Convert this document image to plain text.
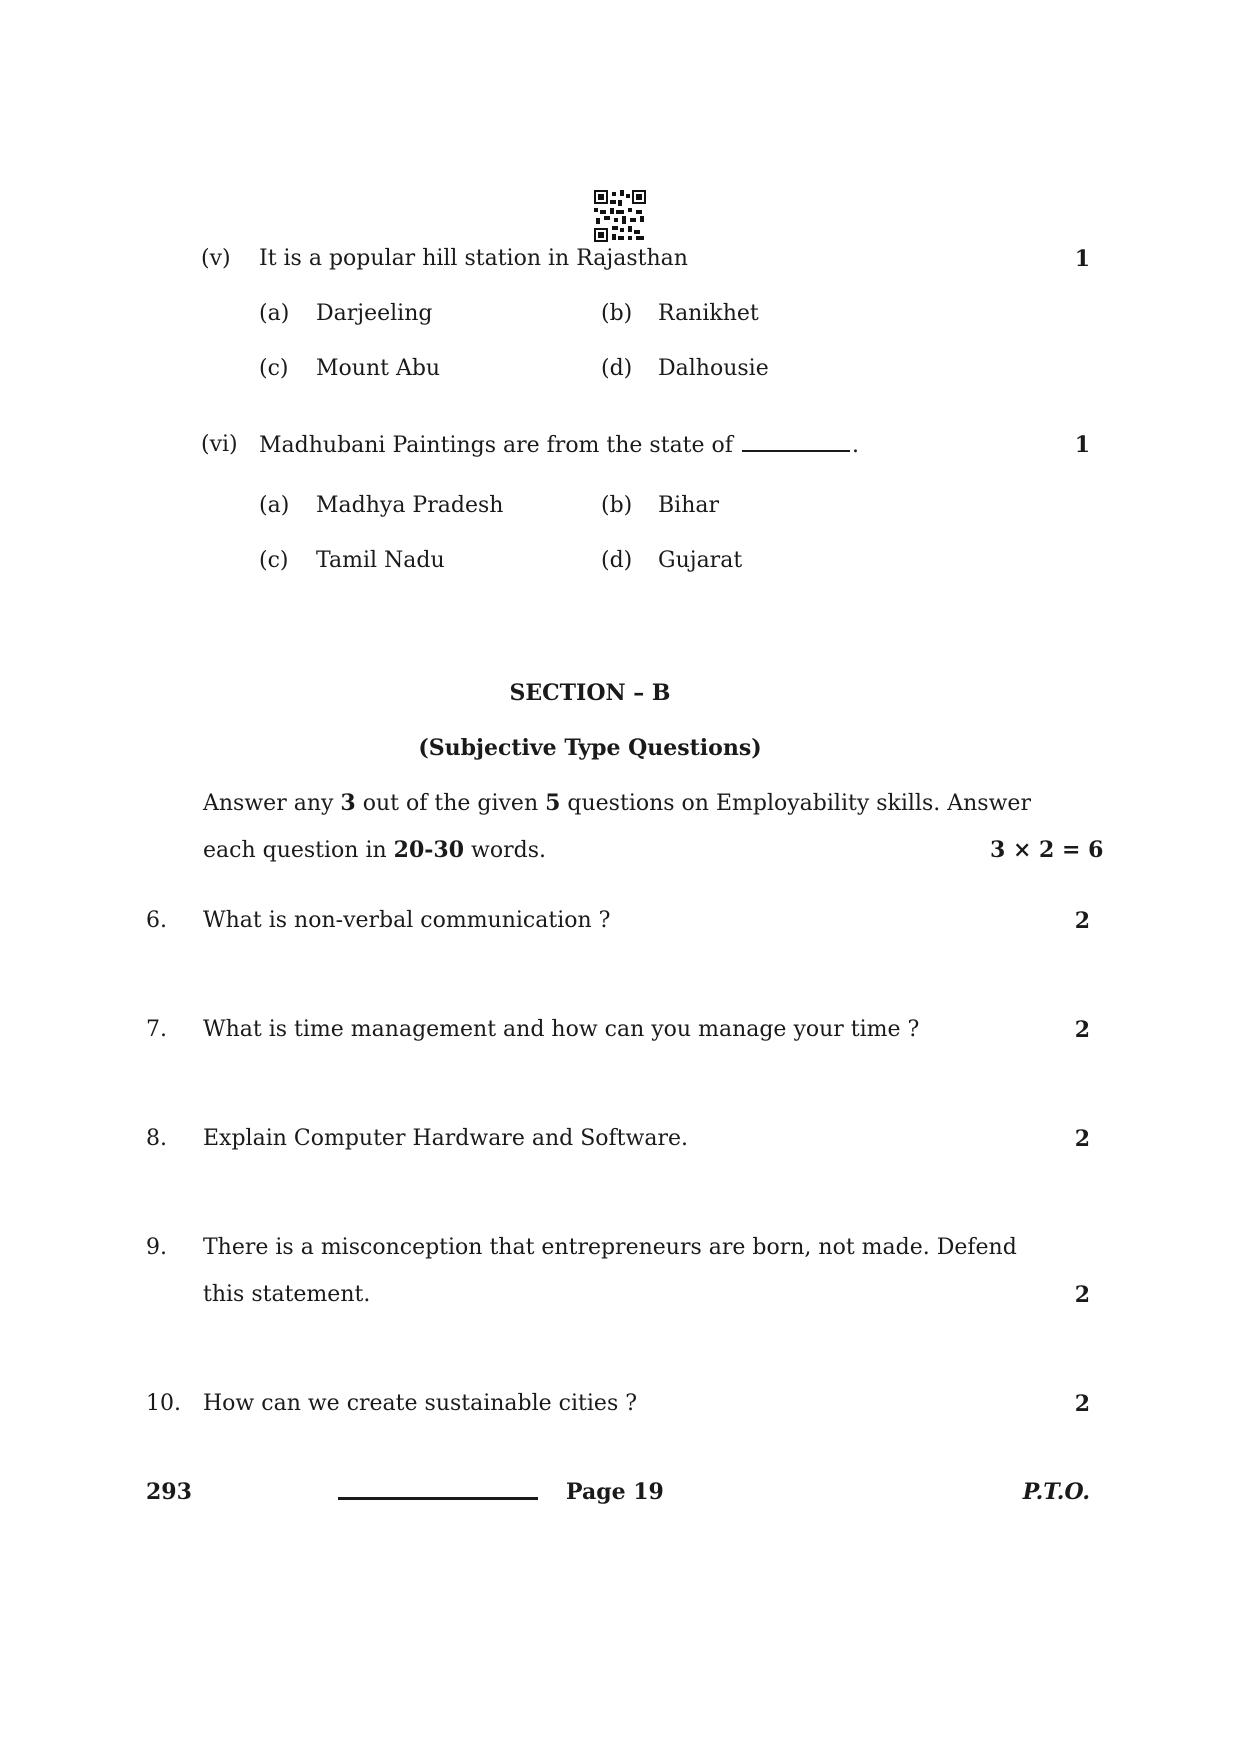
(v) It is a popular hill station in Rajasthan	1
(a) Darjeeling	(b) Ranikhet
(c) Mount Abu	(d) Dalhousie
(vi) Madhubani Paintings are from the state of	.	1
(a) Madhya Pradesh	(b) Bihar
(c) Tamil Nadu	(d) Gujarat
SECTION – B
(Subjective Type Questions)
Answer any 3 out of the given 5 questions on Employability skills. Answer
each question in 20-30 words.	3 × 2 = 6
6. What is non-verbal communication ?	2
7. What is time management and how can you manage your time ?	2
8. Explain Computer Hardware and Software.	2
9. There is a misconception that entrepreneurs are born, not made. Defend
this statement.	2
10. How can we create sustainable cities ?	2
293	Page 19	P.T.O.
